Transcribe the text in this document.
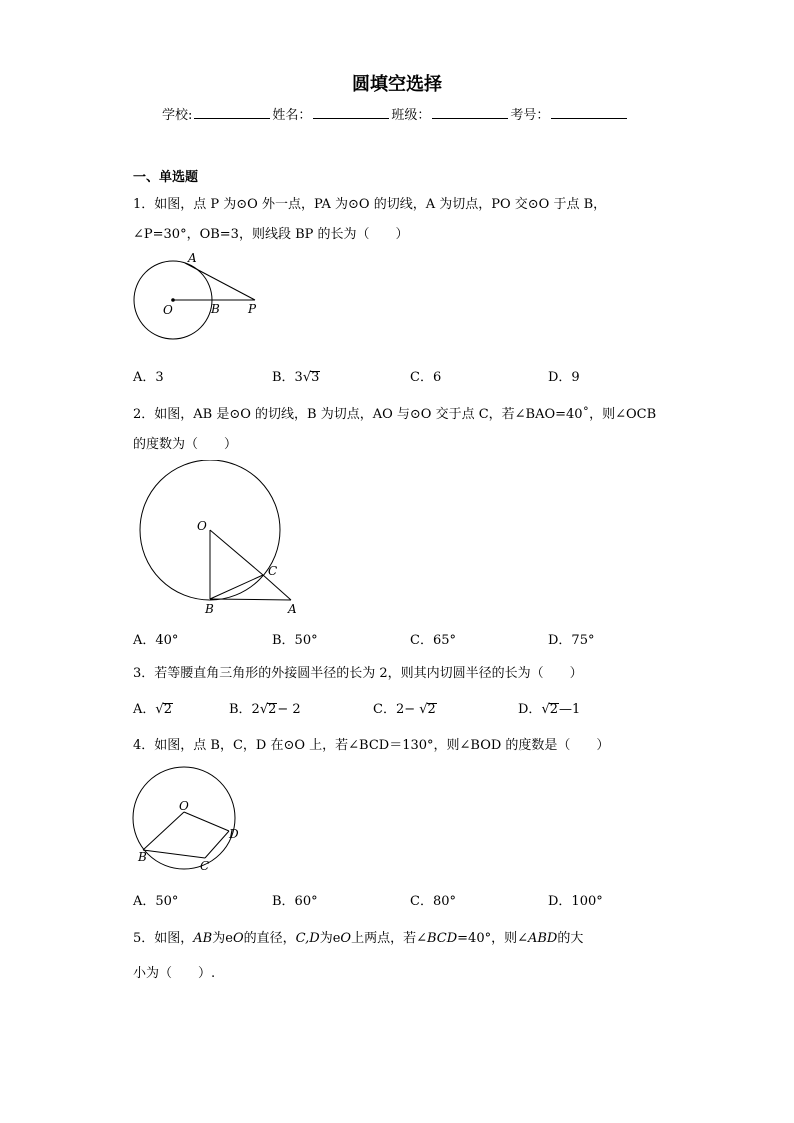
圆填空选择
学校:	姓名：	班级：	考号：
一、单选题
1．如图，点 P 为⊙O 外一点，PA 为⊙O 的切线，A 为切点，PO 交⊙O 于点 B，
∠P=30°，OB=3，则线段 BP 的长为（　　）
A
O	B P
A．3	B．3√3	C．6	D．9
2．如图，AB 是⊙O 的切线，B 为切点，AO 与⊙O 交于点 C，若∠BAO=40˚，则∠OCB
的度数为（　　）
O
C
B	A
A．40°	B．50°	C．65°	D．75°
3．若等腰直角三角形的外接圆半径的长为 2，则其内切圆半径的长为（　　）
A．√2	B．2√2− 2	C．2− √2	D．√2—1
4．如图，点 B，C，D 在⊙O 上，若∠BCD＝130°，则∠BOD 的度数是（　　）
O
D
B
C
A．50°	B．60°	C．80°	D．100°
5．如图，AB为eO的直径，C,D为eO上两点，若∠BCD=40°，则∠ABD的大
小为（　　）.
